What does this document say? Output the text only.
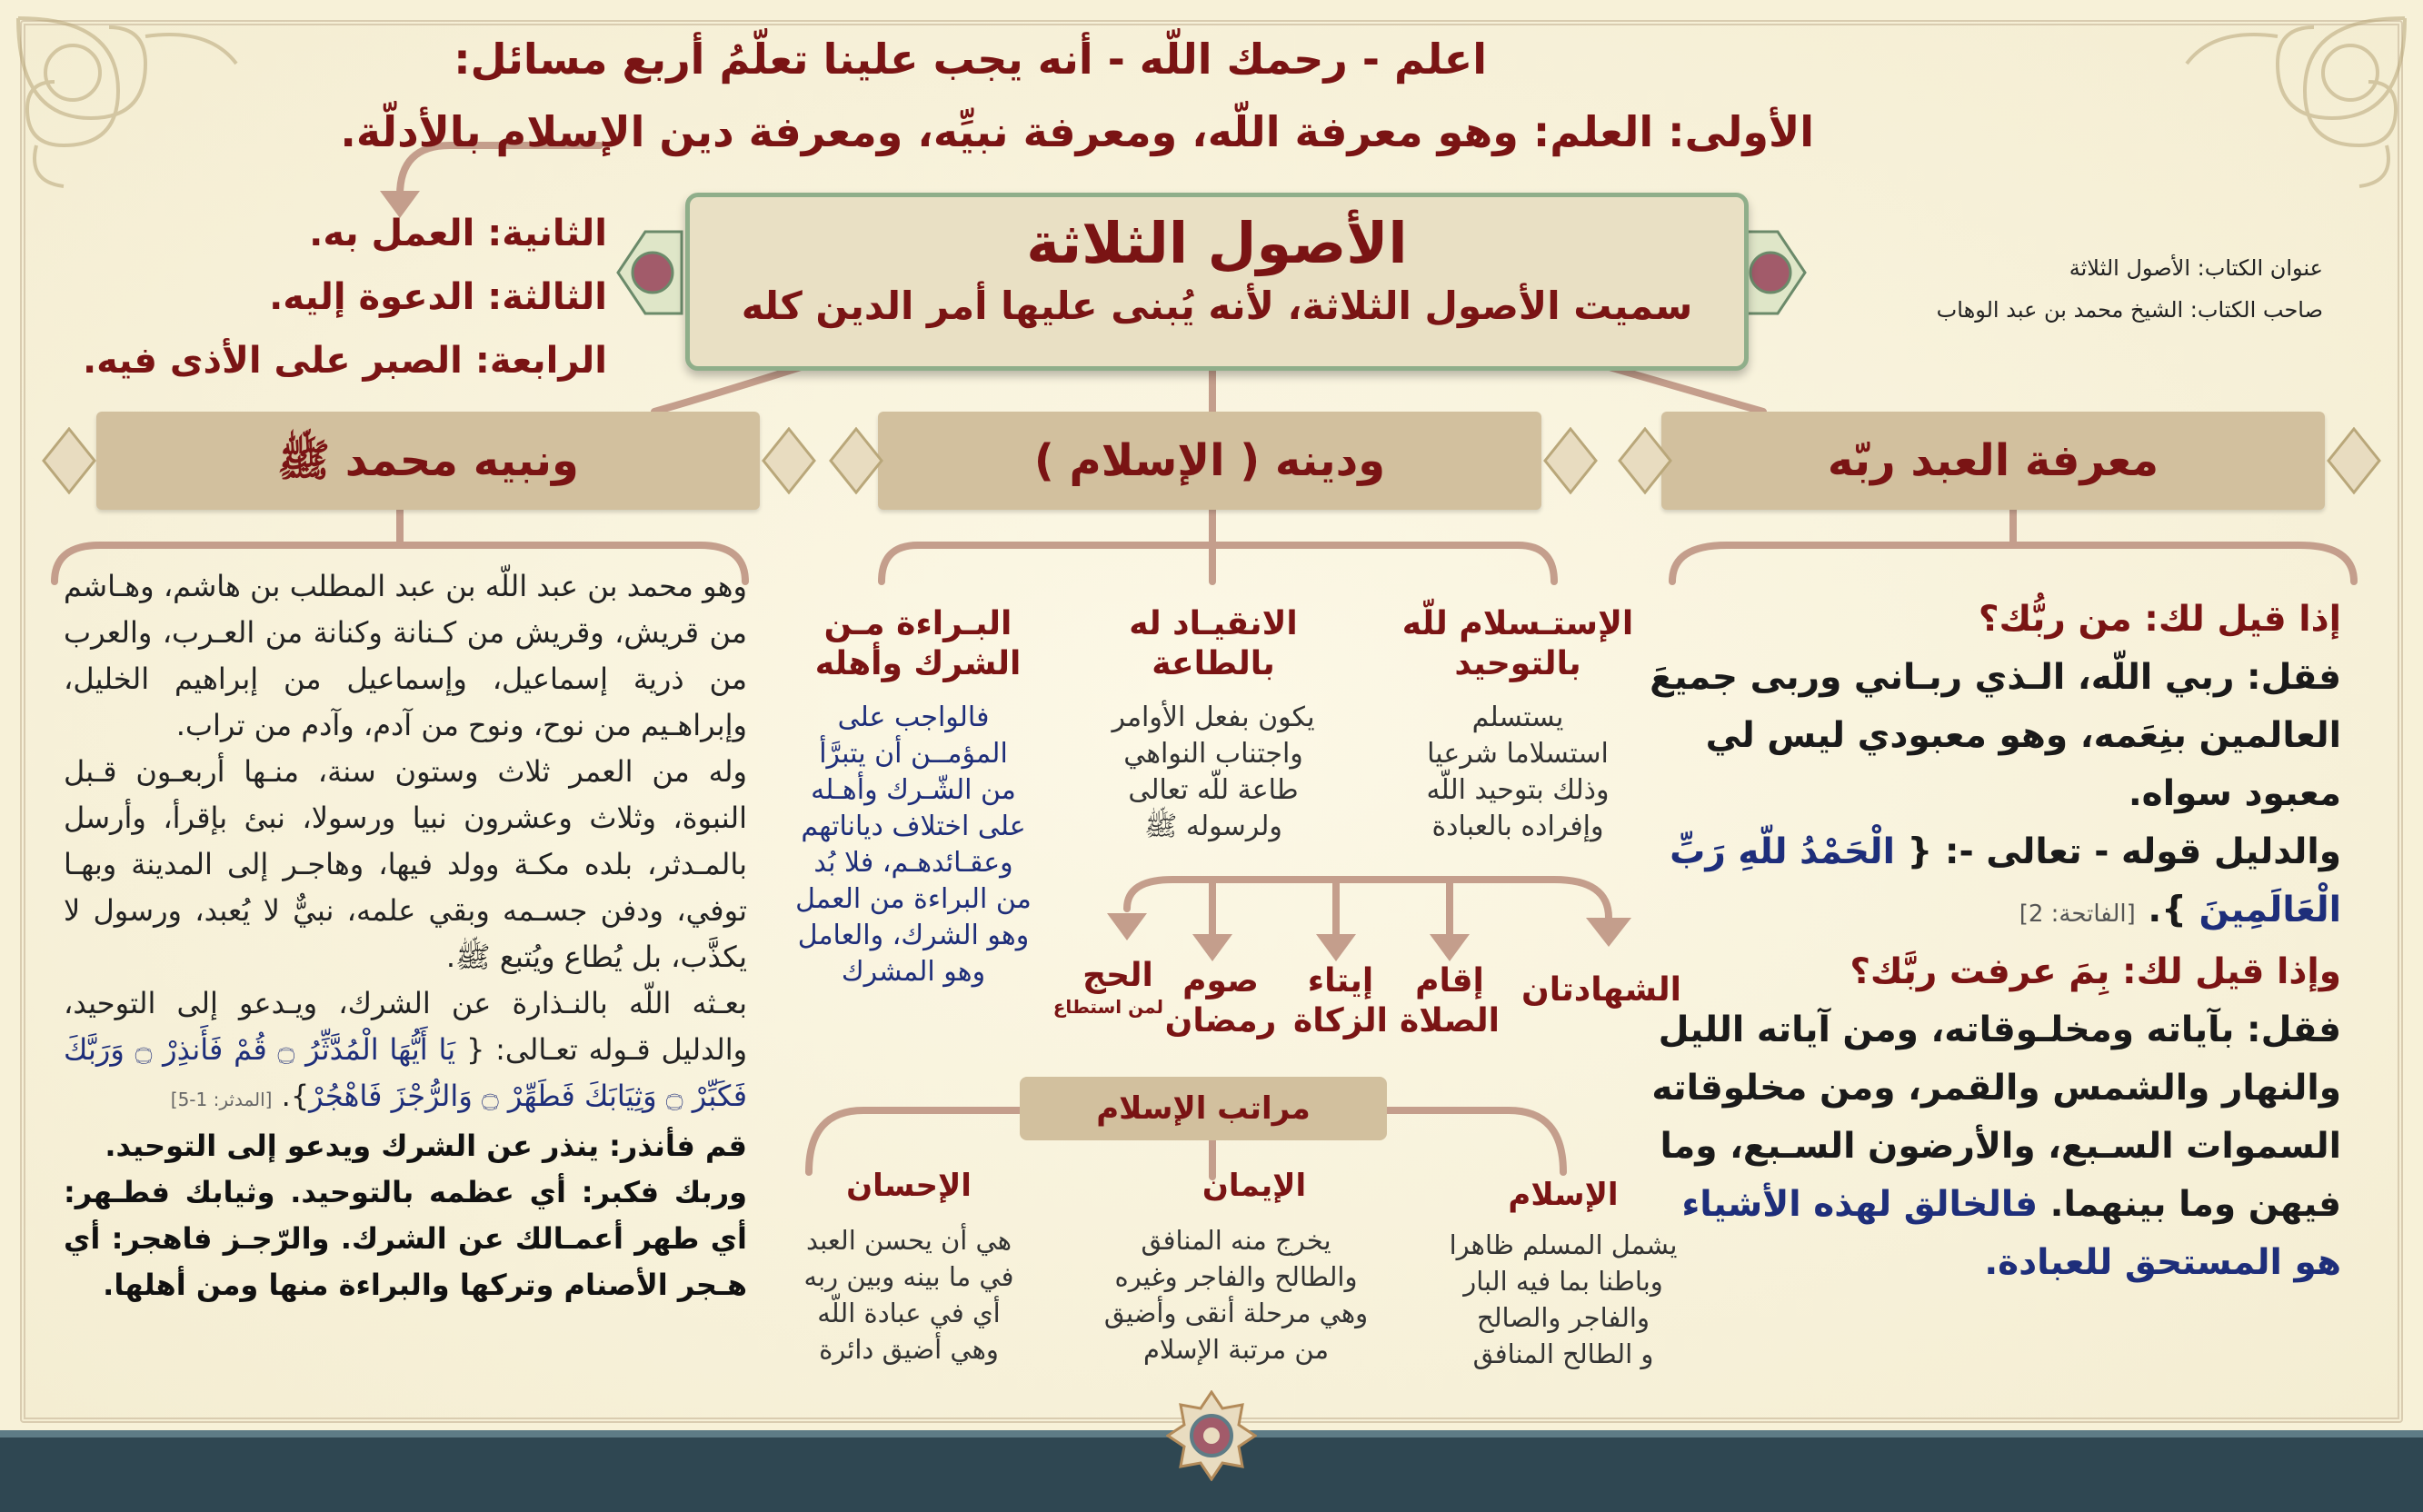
اعلم - رحمك اللّه - أنه يجب علينا تعلّمُ أربع مسائل:
الأولى: العلم: وهو معرفة اللّه، ومعرفة نبيِّه، ومعرفة دين الإسلام بالأدلّة.
الثانية: العمل به.
الثالثة: الدعوة إليه.
الرابعة: الصبر على الأذى فيه.
الأصول الثلاثة
سميت الأصول الثلاثة، لأنه يُبنى عليها أمر الدين كله
عنوان الكتاب: الأصول الثلاثة
صاحب الكتاب: الشيخ محمد بن عبد الوهاب
معرفة العبد ربّه
ودينه ( الإسلام )
ونبيه محمد ﷺ

إذا قيل لك: من ربُّك؟

فقل: ربي اللّه، الـذي ربـاني وربى جميعَ العالمين بنِعَمه، وهو معبودي ليس لي معبود سواه.

والدليل قوله - تعالى -: { الْحَمْدُ للّهِ رَبِّ الْعَالَمِينَ }. [الفاتحة: 2]

وإذا قيل لك: بِمَ عرفت ربَّك؟

فقل: بآياته ومخلـوقاته، ومن آياته الليل والنهار والشمس والقمر، ومن مخلوقاته السموات السـبع، والأرضون السـبع، وما فيهن وما بينهما. فالخالق لهذه الأشياء هو المستحق للعبادة.

وهو محمد بن عبد اللّه بن عبد المطلب بن هاشم، وهـاشم من قريش، وقريش من كـنانة وكنانة من العـرب، والعرب من ذرية إسماعيل، وإسماعيل من إبراهيم الخليل، وإبراهـيم من نوح، ونوح من آدم، وآدم من تراب.

وله من العمر ثلاث وستون سنة، منـها أربعـون قـبل النبوة، وثلاث وعشرون نبيا ورسولا، نبئ بإقرأ، وأرسل بالمـدثر، بلده مكـة وولد فيها، وهاجـر إلى المدينة وبهـا توفي، ودفن جسـمه وبقي علمه، نبيٌّ لا يُعبد، ورسول لا يكذَّب، بل يُطاع ويُتبع ﷺ.

بعـثه اللّه بالنـذارة عن الشرك، ويـدعو إلى التوحيد، والدليل قـوله تعـالى: { يَا أَيُّهَا الْمُدَّثِّرُ ۝ قُمْ فَأَنذِرْ ۝ وَرَبَّكَ فَكَبِّرْ ۝ وَثِيَابَكَ فَطَهِّرْ ۝ وَالرُّجْزَ فَاهْجُرْ}. [المدثر: 1-5]

قم فأنذر: ينذر عن الشرك ويدعو إلى التوحيد.

وربك فكبر: أي عظمه بالتوحيد. وثيابك فطـهر: أي طهر أعمـالك عن الشرك. والرّجـز فاهجر: أي هـجر الأصنام وتركها والبراءة منها ومن أهلها.

الإستـسلام للّه بالتوحيد
يستسلم
استسلاما شرعيا
وذلك بتوحيد اللّه
وإفراده بالعبادة
الانقيـاد له بالطاعة
يكون بفعل الأوامر
واجتناب النواهي
طاعة للّه تعالى
ولرسوله ﷺ
البـراءة مـن
الشرك وأهله
فالواجب على
المؤمــن أن يتبرَّأ
من الشّـرك وأهـله
على اختلاف دياناتهم
وعقـائدهـم، فلا بُد
من البراءة من العمل
وهو الشرك، والعامل
وهو المشرك	الشهادتان
إقام
الصلاة
إيتاء
الزكاة
صوم
رمضان
الحج
لمن استطاع
مراتب الإسلام
الإسلام
يشمل المسلم ظاهرا
وباطنا بما فيه البار
والفاجر والصالح
و الطالح المنافق
الإيمان
يخرج منه المنافق
والطالح والفاجر وغيره
وهي مرحلة أنقى وأضيق
من مرتبة الإسلام
الإحسان
هي أن يحسن العبد
في ما بينه وبين ربه
أي في عبادة اللّه
وهي أضيق دائرة
